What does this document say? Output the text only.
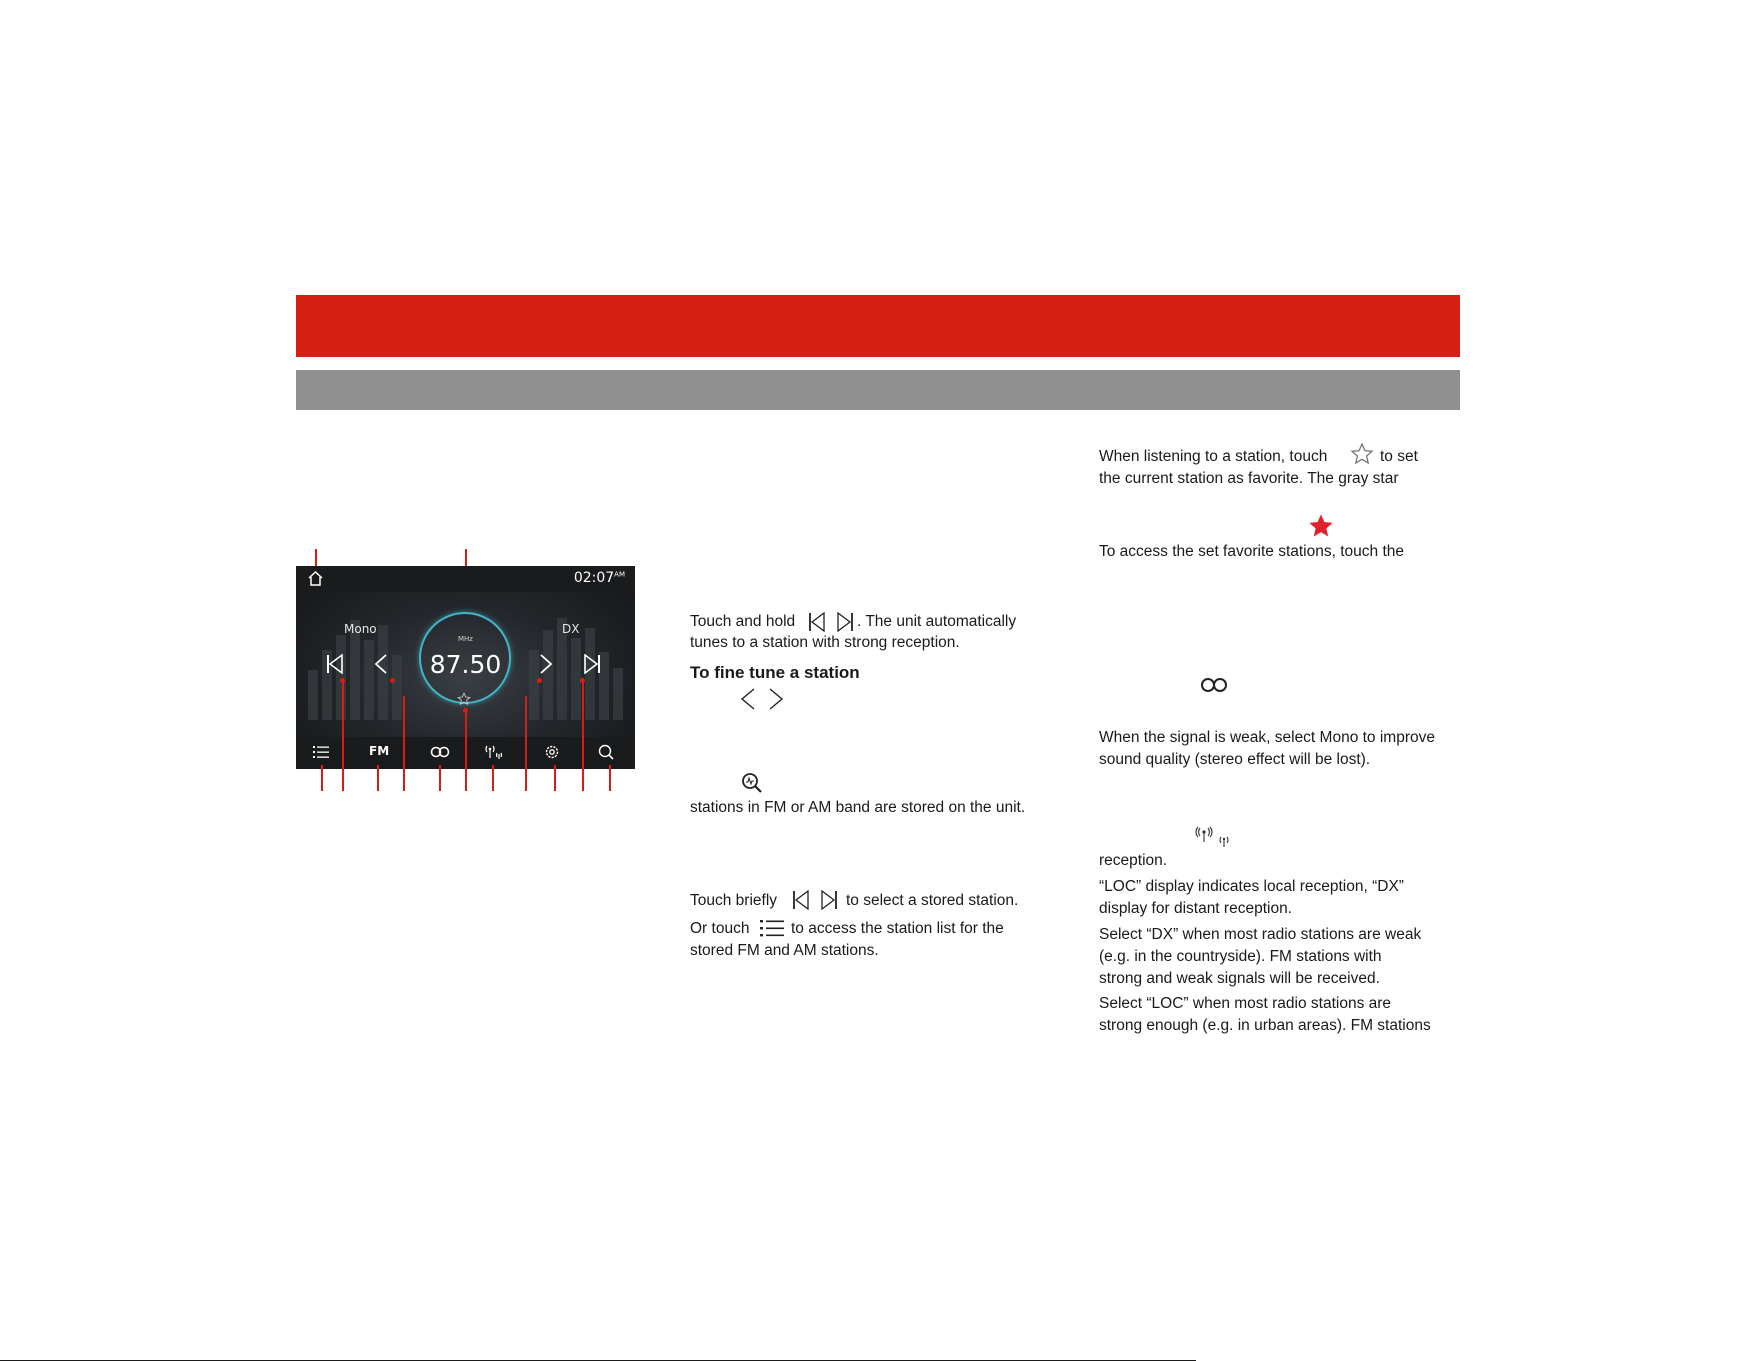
$02:07^{AM}$
Mono	DX
MHz
87.50
FM
Touch and hold	. The unit automatically
tunes to a station with strong reception.
To fine tune a station
stations in FM or AM band are stored on the unit.
Touch briefly	to select a stored station.
Or touch	to access the station list for the
stored FM and AM stations.
When listening to a station, touch	to set
the current station as favorite. The gray star
To access the set favorite stations, touch the
When the signal is weak, select Mono to improve
sound quality (stereo effect will be lost).
reception.
“LOC” display indicates local reception, “DX”
display for distant reception.
Select “DX” when most radio stations are weak
(e.g. in the countryside). FM stations with
strong and weak signals will be received.
Select “LOC” when most radio stations are
strong enough (e.g. in urban areas). FM stations
